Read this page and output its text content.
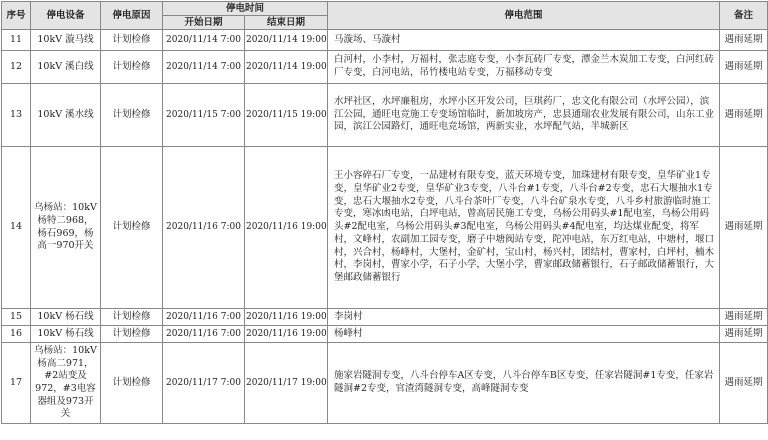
序号	停电设备	停电原因	停电时间		停电范围	备注
			开始日期	结束日期		
11	10kV 漩马线	计划检修	2020/11/14 7:00	2020/11/14 19:00	马漩场、马漩村	遇雨延期
12	10kV 溪白线	计划检修	2020/11/14 7:00	2020/11/14 19:00	白河村，小李村，万福村，张志庭专变，小李瓦砖厂专变，潭金兰木炭加工专变，白河红砖厂专变，白河电站，吊竹楼电站专变，万福移动专变	遇雨延期
13	10kV 溪水线	计划检修	2020/11/15 7:00	2020/11/15 19:00	水坪社区，水坪廉租房，水坪小区开发公司，巨琪药厂，忠文化有限公司（水坪公园），滨江公园，通旺电竞施工专变场馆临时，新加坡房产，忠县通瑞农业发展有限公司，山东工业园，滨江公园路灯，通旺电竞场馆，两新实业，水坪配气站，半城新区	遇雨延期
14	乌杨站：10kV 杨特二968，杨石969，杨高一970开关	计划检修	2020/11/16 7:00	2020/11/16 19:00	王小容碎石厂专变，一品建材有限专变，蓝天环境专变，加珠建材有限专变，皇华矿业1专变，皇华矿业2专变，皇华矿业3专变，八斗台#1专变，八斗台#2专变，忠石大堰抽水1专变，忠石大堰抽水2专变，八斗台茶叶厂专变，八斗台矿泉水专变，八斗乡村旅游临时施工专变，寒冰凼电站，白坪电站，曾高居民施工专变，乌杨公用码头#1配电室，乌杨公用码头#2配电室，乌杨公用码头#3配电室，乌杨公用码头#4配电室，均达煤业配变，将军村，文峰村，农副加工园专变，磨子中塘阀站专变，陀冲电站，东万红电站，中塘村，堰口村，兴合村，杨峰村，大堡村，金矿村，宝山村，杨兴村，团结村，曹家村，白坪村，楠木村，李岗村，曹家小学，石子小学，大堡小学，曹家邮政储蓄银行，石子邮政储蓄银行，大堡邮政储蓄银行	遇雨延期
15	10kV 杨石线	计划检修	2020/11/16 7:00	2020/11/16 19:00	李岗村	遇雨延期
16	10kV 杨石线	计划检修	2020/11/16 7:00	2020/11/16 19:00	杨峰村	遇雨延期
17	乌杨站：10kV 杨高二971，#2站变及972，#3电容器组及973开关	计划检修	2020/11/17 7:00	2020/11/17 19:00	施家岩隧洞专变，八斗台停车A区专变，八斗台停车B区专变，任家岩隧洞#1专变，任家岩隧洞#2专变，官渣湾隧洞专变，高峰隧洞专变	遇雨延期
